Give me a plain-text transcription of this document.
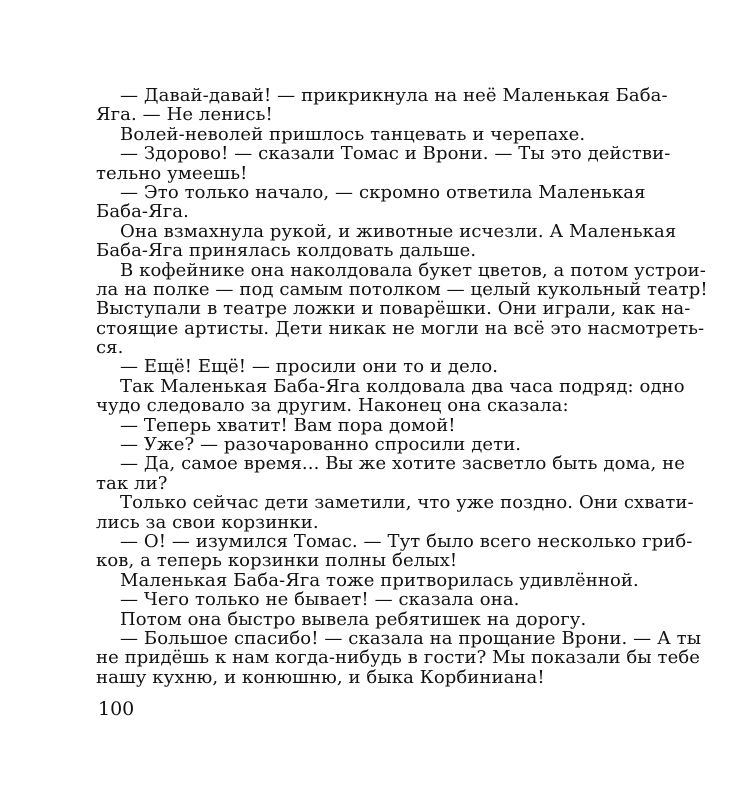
— Давай-давай! — прикрикнула на неё Маленькая Баба-
Яга. — Не ленись!
Волей-неволей пришлось танцевать и черепахе.
— Здорово! — сказали Томас и Врони. — Ты это действи-
тельно умеешь!
— Это только начало, — скромно ответила Маленькая
Баба-Яга.
Она взмахнула рукой, и животные исчезли. А Маленькая
Баба-Яга принялась колдовать дальше.
В кофейнике она наколдовала букет цветов, а потом устрои-
ла на полке — под самым потолком — целый кукольный театр!
Выступали в театре ложки и поварёшки. Они играли, как на-
стоящие артисты. Дети никак не могли на всё это насмотреть-
ся.
— Ещё! Ещё! — просили они то и дело.
Так Маленькая Баба-Яга колдовала два часа подряд: одно
чудо следовало за другим. Наконец она сказала:
— Теперь хватит! Вам пора домой!
— Уже? — разочарованно спросили дети.
— Да, самое время... Вы же хотите засветло быть дома, не
так ли?
Только сейчас дети заметили, что уже поздно. Они схвати-
лись за свои корзинки.
— О! — изумился Томас. — Тут было всего несколько гриб-
ков, а теперь корзинки полны белых!
Маленькая Баба-Яга тоже притворилась удивлённой.
— Чего только не бывает! — сказала она.
Потом она быстро вывела ребятишек на дорогу.
— Большое спасибо! — сказала на прощание Врони. — А ты
не придёшь к нам когда-нибудь в гости? Мы показали бы тебе
нашу кухню, и конюшню, и быка Корбиниана!
100
